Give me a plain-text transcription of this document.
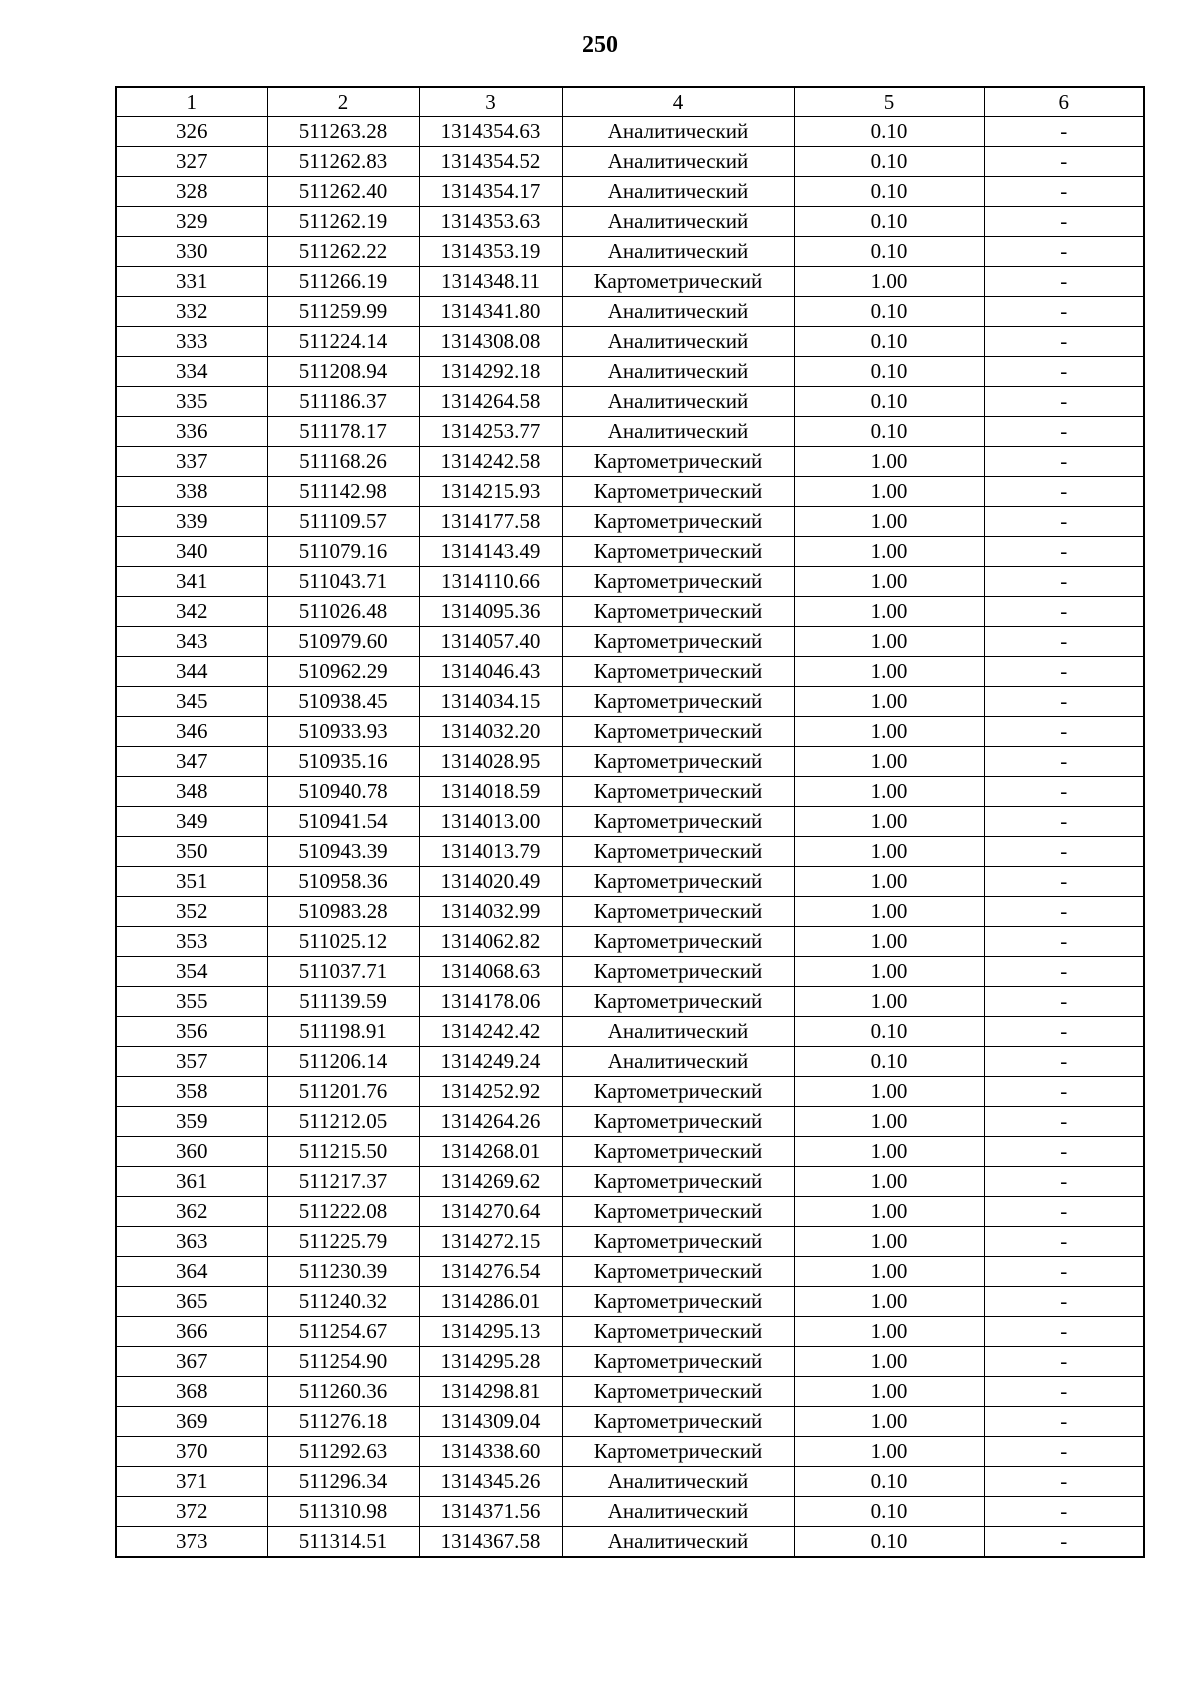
250
1	2	3	4	5	6
326	511263.28	1314354.63	Аналитический	0.10	-
327	511262.83	1314354.52	Аналитический	0.10	-
328	511262.40	1314354.17	Аналитический	0.10	-
329	511262.19	1314353.63	Аналитический	0.10	-
330	511262.22	1314353.19	Аналитический	0.10	-
331	511266.19	1314348.11	Картометрический	1.00	-
332	511259.99	1314341.80	Аналитический	0.10	-
333	511224.14	1314308.08	Аналитический	0.10	-
334	511208.94	1314292.18	Аналитический	0.10	-
335	511186.37	1314264.58	Аналитический	0.10	-
336	511178.17	1314253.77	Аналитический	0.10	-
337	511168.26	1314242.58	Картометрический	1.00	-
338	511142.98	1314215.93	Картометрический	1.00	-
339	511109.57	1314177.58	Картометрический	1.00	-
340	511079.16	1314143.49	Картометрический	1.00	-
341	511043.71	1314110.66	Картометрический	1.00	-
342	511026.48	1314095.36	Картометрический	1.00	-
343	510979.60	1314057.40	Картометрический	1.00	-
344	510962.29	1314046.43	Картометрический	1.00	-
345	510938.45	1314034.15	Картометрический	1.00	-
346	510933.93	1314032.20	Картометрический	1.00	-
347	510935.16	1314028.95	Картометрический	1.00	-
348	510940.78	1314018.59	Картометрический	1.00	-
349	510941.54	1314013.00	Картометрический	1.00	-
350	510943.39	1314013.79	Картометрический	1.00	-
351	510958.36	1314020.49	Картометрический	1.00	-
352	510983.28	1314032.99	Картометрический	1.00	-
353	511025.12	1314062.82	Картометрический	1.00	-
354	511037.71	1314068.63	Картометрический	1.00	-
355	511139.59	1314178.06	Картометрический	1.00	-
356	511198.91	1314242.42	Аналитический	0.10	-
357	511206.14	1314249.24	Аналитический	0.10	-
358	511201.76	1314252.92	Картометрический	1.00	-
359	511212.05	1314264.26	Картометрический	1.00	-
360	511215.50	1314268.01	Картометрический	1.00	-
361	511217.37	1314269.62	Картометрический	1.00	-
362	511222.08	1314270.64	Картометрический	1.00	-
363	511225.79	1314272.15	Картометрический	1.00	-
364	511230.39	1314276.54	Картометрический	1.00	-
365	511240.32	1314286.01	Картометрический	1.00	-
366	511254.67	1314295.13	Картометрический	1.00	-
367	511254.90	1314295.28	Картометрический	1.00	-
368	511260.36	1314298.81	Картометрический	1.00	-
369	511276.18	1314309.04	Картометрический	1.00	-
370	511292.63	1314338.60	Картометрический	1.00	-
371	511296.34	1314345.26	Аналитический	0.10	-
372	511310.98	1314371.56	Аналитический	0.10	-
373	511314.51	1314367.58	Аналитический	0.10	-
